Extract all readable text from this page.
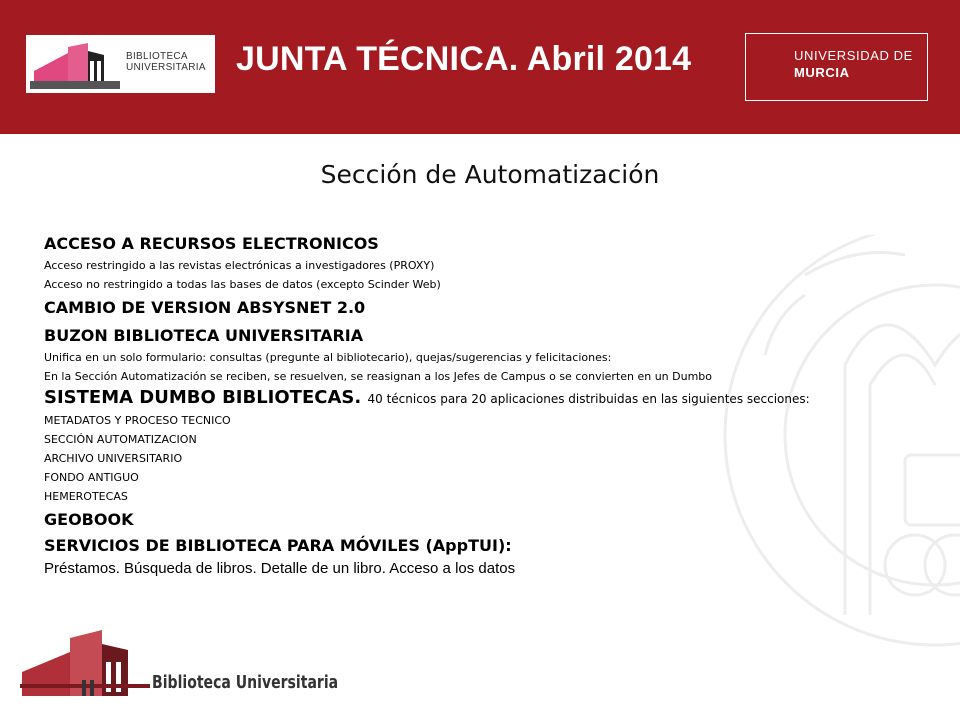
BIBLIOTECA
UNIVERSITARIA JUNTA TÉCNICA. Abril 2014	UNIVERSIDAD DE
MURCIA
Sección de Automatización
ACCESO A RECURSOS ELECTRONICOS
Acceso restringido a las revistas electrónicas a investigadores (PROXY)
Acceso no restringido a todas las bases de datos (excepto Scinder Web)
CAMBIO DE VERSION ABSYSNET 2.0
BUZON BIBLIOTECA UNIVERSITARIA
Unifica en un solo formulario: consultas (pregunte al bibliotecario), quejas/sugerencias y felicitaciones:
En la Sección Automatización se reciben, se resuelven, se reasignan a los Jefes de Campus o se convierten en un Dumbo
SISTEMA DUMBO BIBLIOTECAS. 40 técnicos para 20 aplicaciones distribuidas en las siguientes secciones:
METADATOS Y PROCESO TECNICO
SECCIÓN AUTOMATIZACION
ARCHIVO UNIVERSITARIO
FONDO ANTIGUO
HEMEROTECAS
GEOBOOK
SERVICIOS DE BIBLIOTECA PARA MÓVILES (AppTUI):
Préstamos. Búsqueda de libros. Detalle de un libro. Acceso a los datos
Biblioteca Universitaria
